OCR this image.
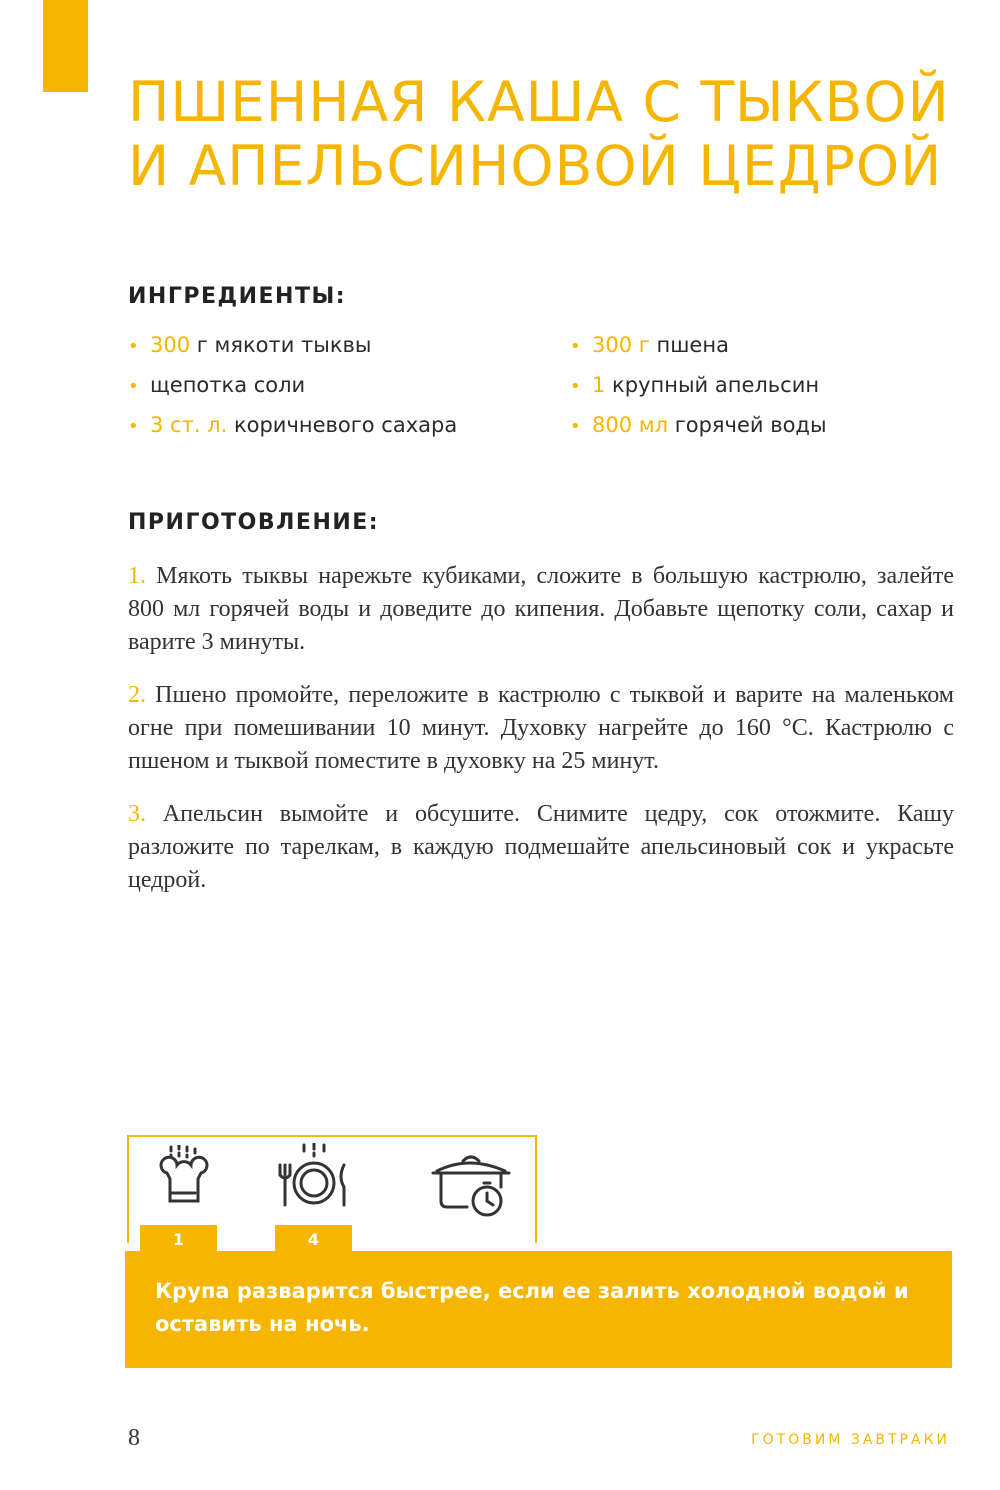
ПШЕННАЯ КАША С ТЫКВОЙ
И АПЕЛЬСИНОВОЙ ЦЕДРОЙ
ИНГРЕДИЕНТЫ:
• 300 г мякоти тыквы
• щепотка соли
• 3 ст. л. коричневого сахара
• 300 г пшена
• 1 крупный апельсин
• 800 мл горячей воды
ПРИГОТОВЛЕНИЕ:

1. Мякоть тыквы нарежьте кубиками, сложите в большую кастрюлю, залейте 800 мл горячей воды и доведите до кипения. Добавьте щепотку соли, сахар и варите 3 минуты.

2. Пшено промойте, переложите в кастрюлю с тыквой и варите на маленьком огне при помешивании 10 минут. Духовку нагрейте до 160 °C. Кастрюлю с пшеном и тыквой поместите в духовку на 25 минут.

3. Апельсин вымойте и обсушите. Снимите цедру, сок отожмите. Кашу разложите по тарелкам, в каждую подмешайте апельсиновый сок и украсьте цедрой.

1	4
Крупа разварится быстрее, если ее залить холодной водой и оставить на ночь.
8	ГОТОВИМ ЗАВТРАКИ
